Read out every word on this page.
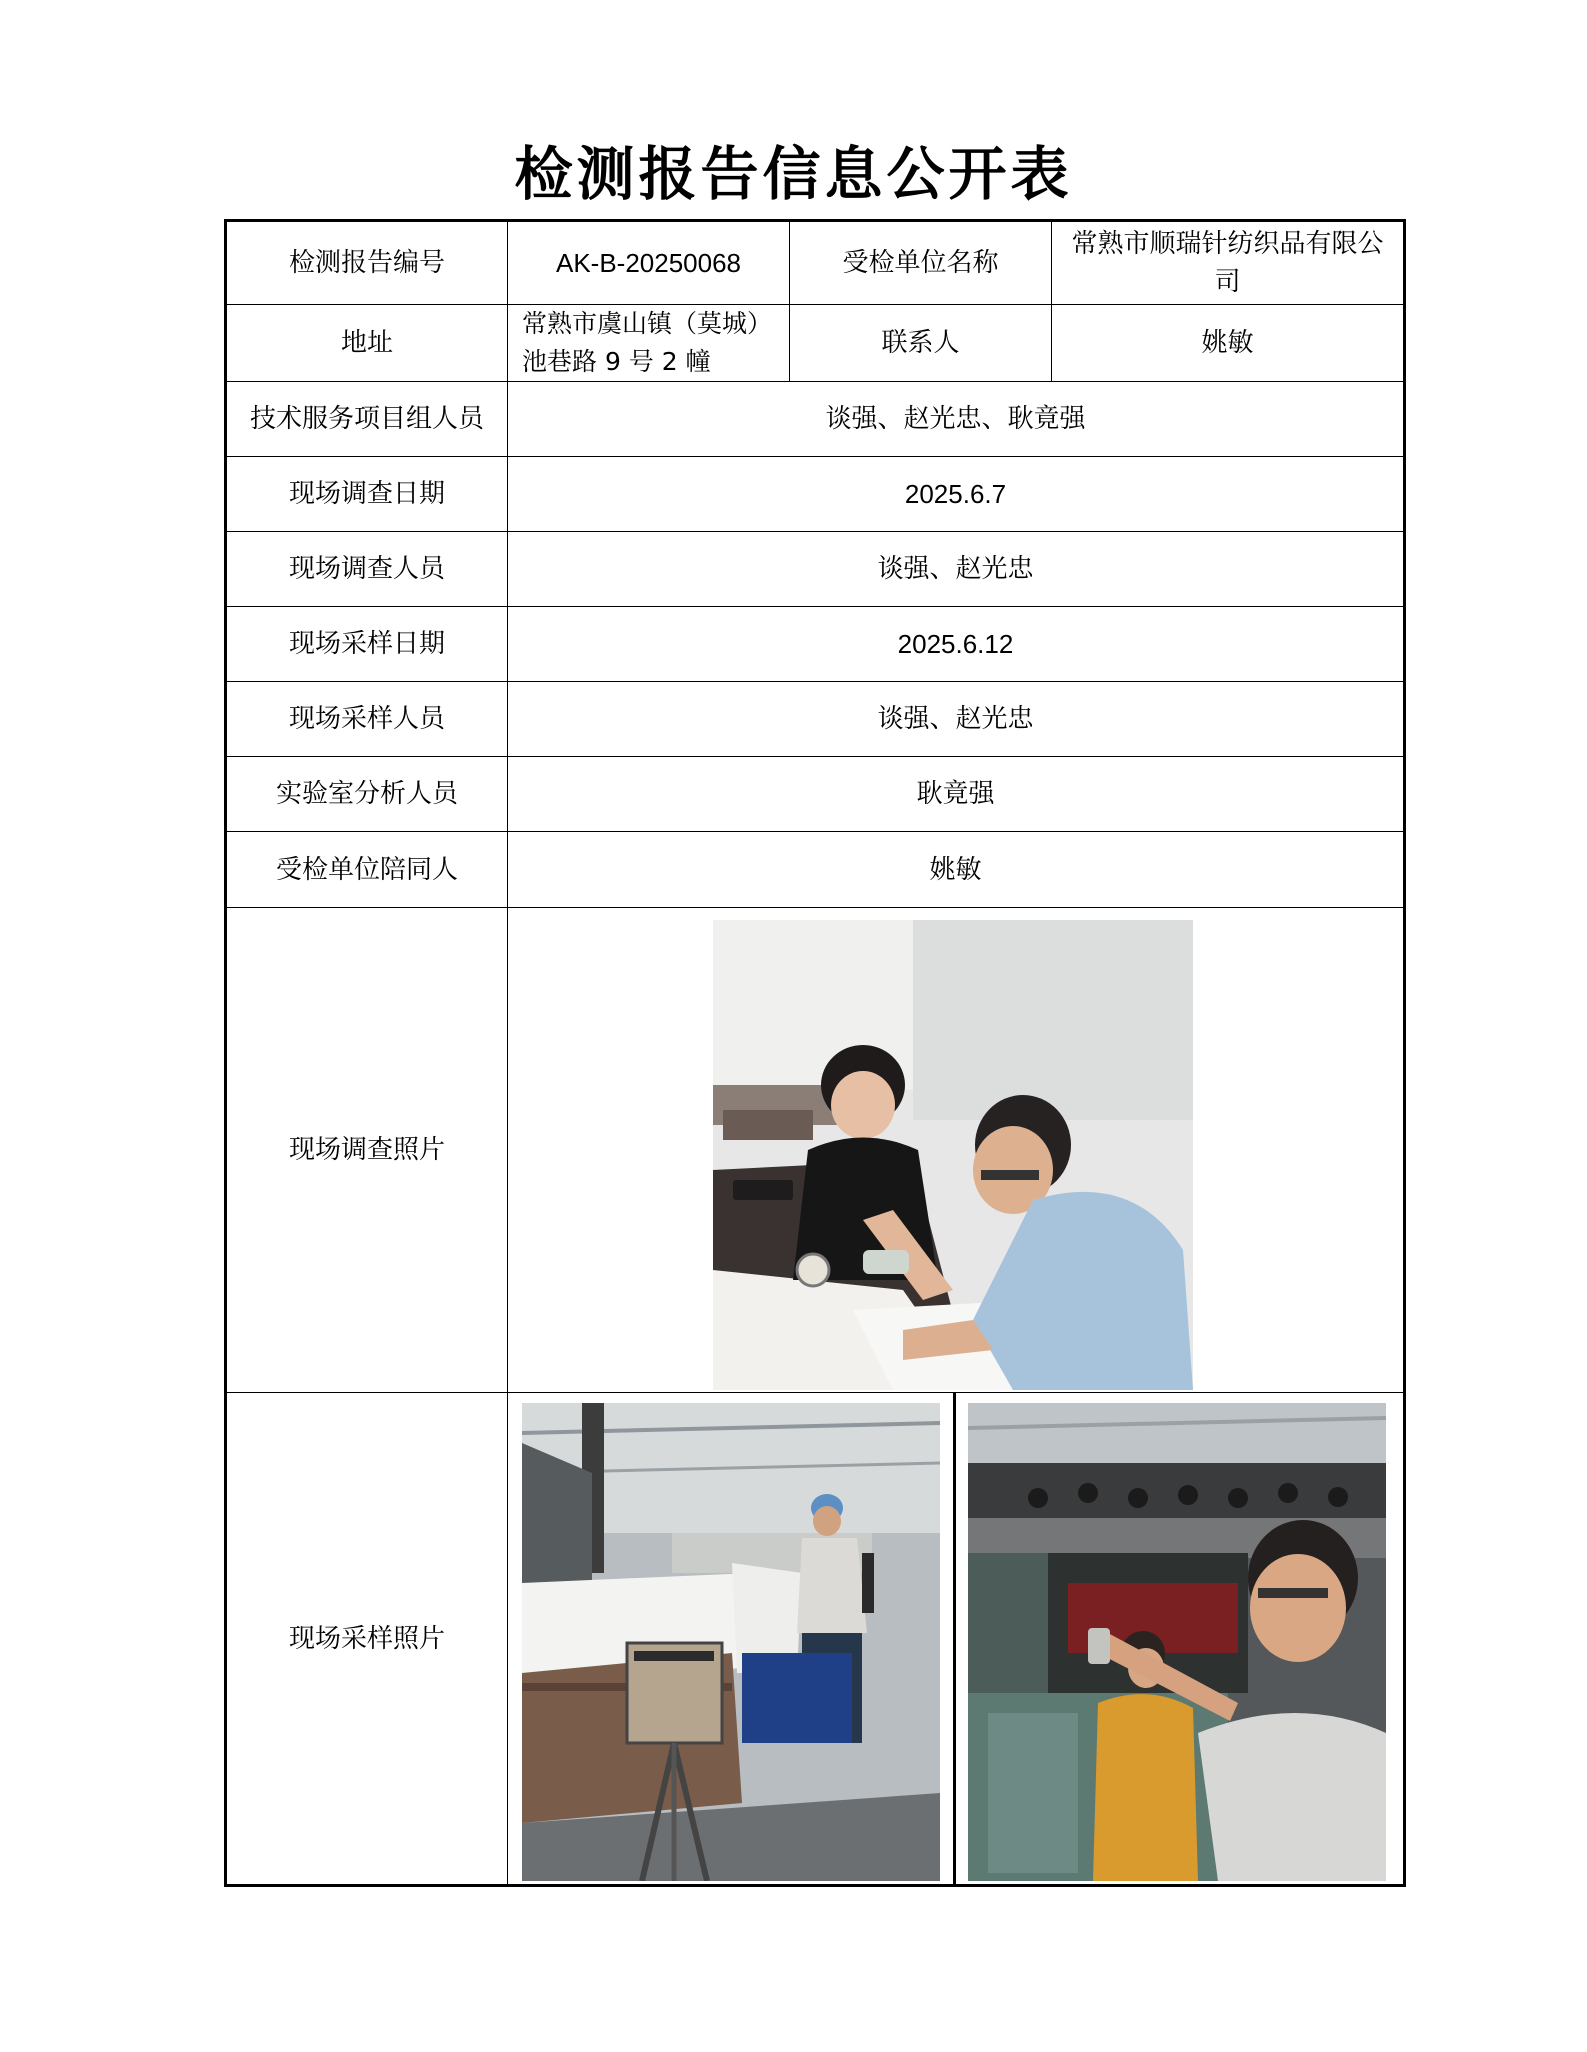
检测报告信息公开表
检测报告编号	AK-B-20250068	受检单位名称	常熟市顺瑞针纺织品有限公司
地址	常熟市虞山镇（莫城）池巷路 9 号 2 幢	联系人	姚敏
技术服务项目组人员	谈强、赵光忠、耿竟强		
现场调查日期	2025.6.7		
现场调查人员	谈强、赵光忠		
现场采样日期	2025.6.12		
现场采样人员	谈强、赵光忠		
实验室分析人员	耿竟强		
受检单位陪同人	姚敏		
现场调查照片	

现场采样照片	
